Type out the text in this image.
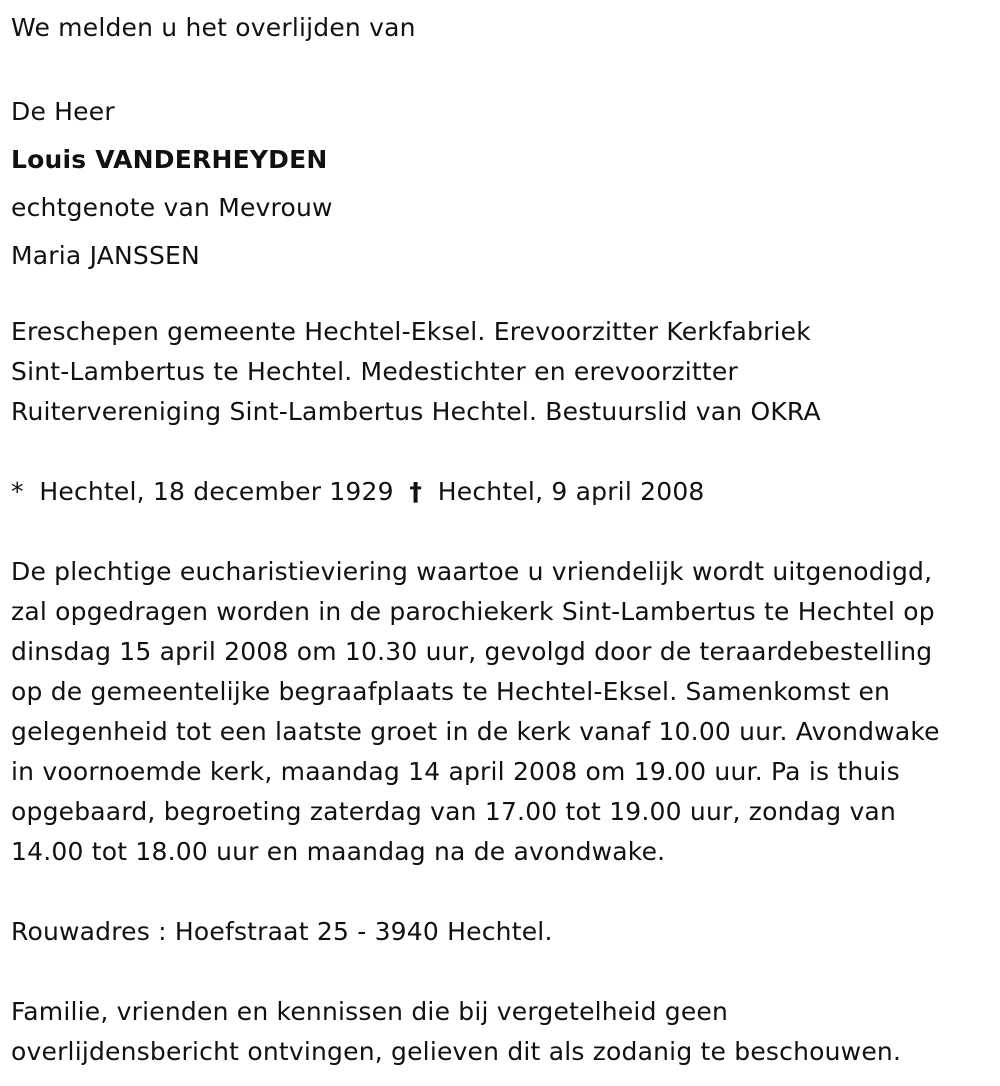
We melden u het overlijden van
De Heer
Louis VANDERHEYDEN
echtgenote van Mevrouw
Maria JANSSEN
Ereschepen gemeente Hechtel-Eksel. Erevoorzitter Kerkfabriek
Sint-Lambertus te Hechtel. Medestichter en erevoorzitter
Ruitervereniging Sint-Lambertus Hechtel. Bestuurslid van OKRA
* Hechtel, 18 december 1929 † Hechtel, 9 april 2008
De plechtige eucharistieviering waartoe u vriendelijk wordt uitgenodigd,
zal opgedragen worden in de parochiekerk Sint-Lambertus te Hechtel op
dinsdag 15 april 2008 om 10.30 uur, gevolgd door de teraardebestelling
op de gemeentelijke begraafplaats te Hechtel-Eksel. Samenkomst en
gelegenheid tot een laatste groet in de kerk vanaf 10.00 uur. Avondwake
in voornoemde kerk, maandag 14 april 2008 om 19.00 uur. Pa is thuis
opgebaard, begroeting zaterdag van 17.00 tot 19.00 uur, zondag van
14.00 tot 18.00 uur en maandag na de avondwake.
Rouwadres : Hoefstraat 25 - 3940 Hechtel.
Familie, vrienden en kennissen die bij vergetelheid geen
overlijdensbericht ontvingen, gelieven dit als zodanig te beschouwen.
